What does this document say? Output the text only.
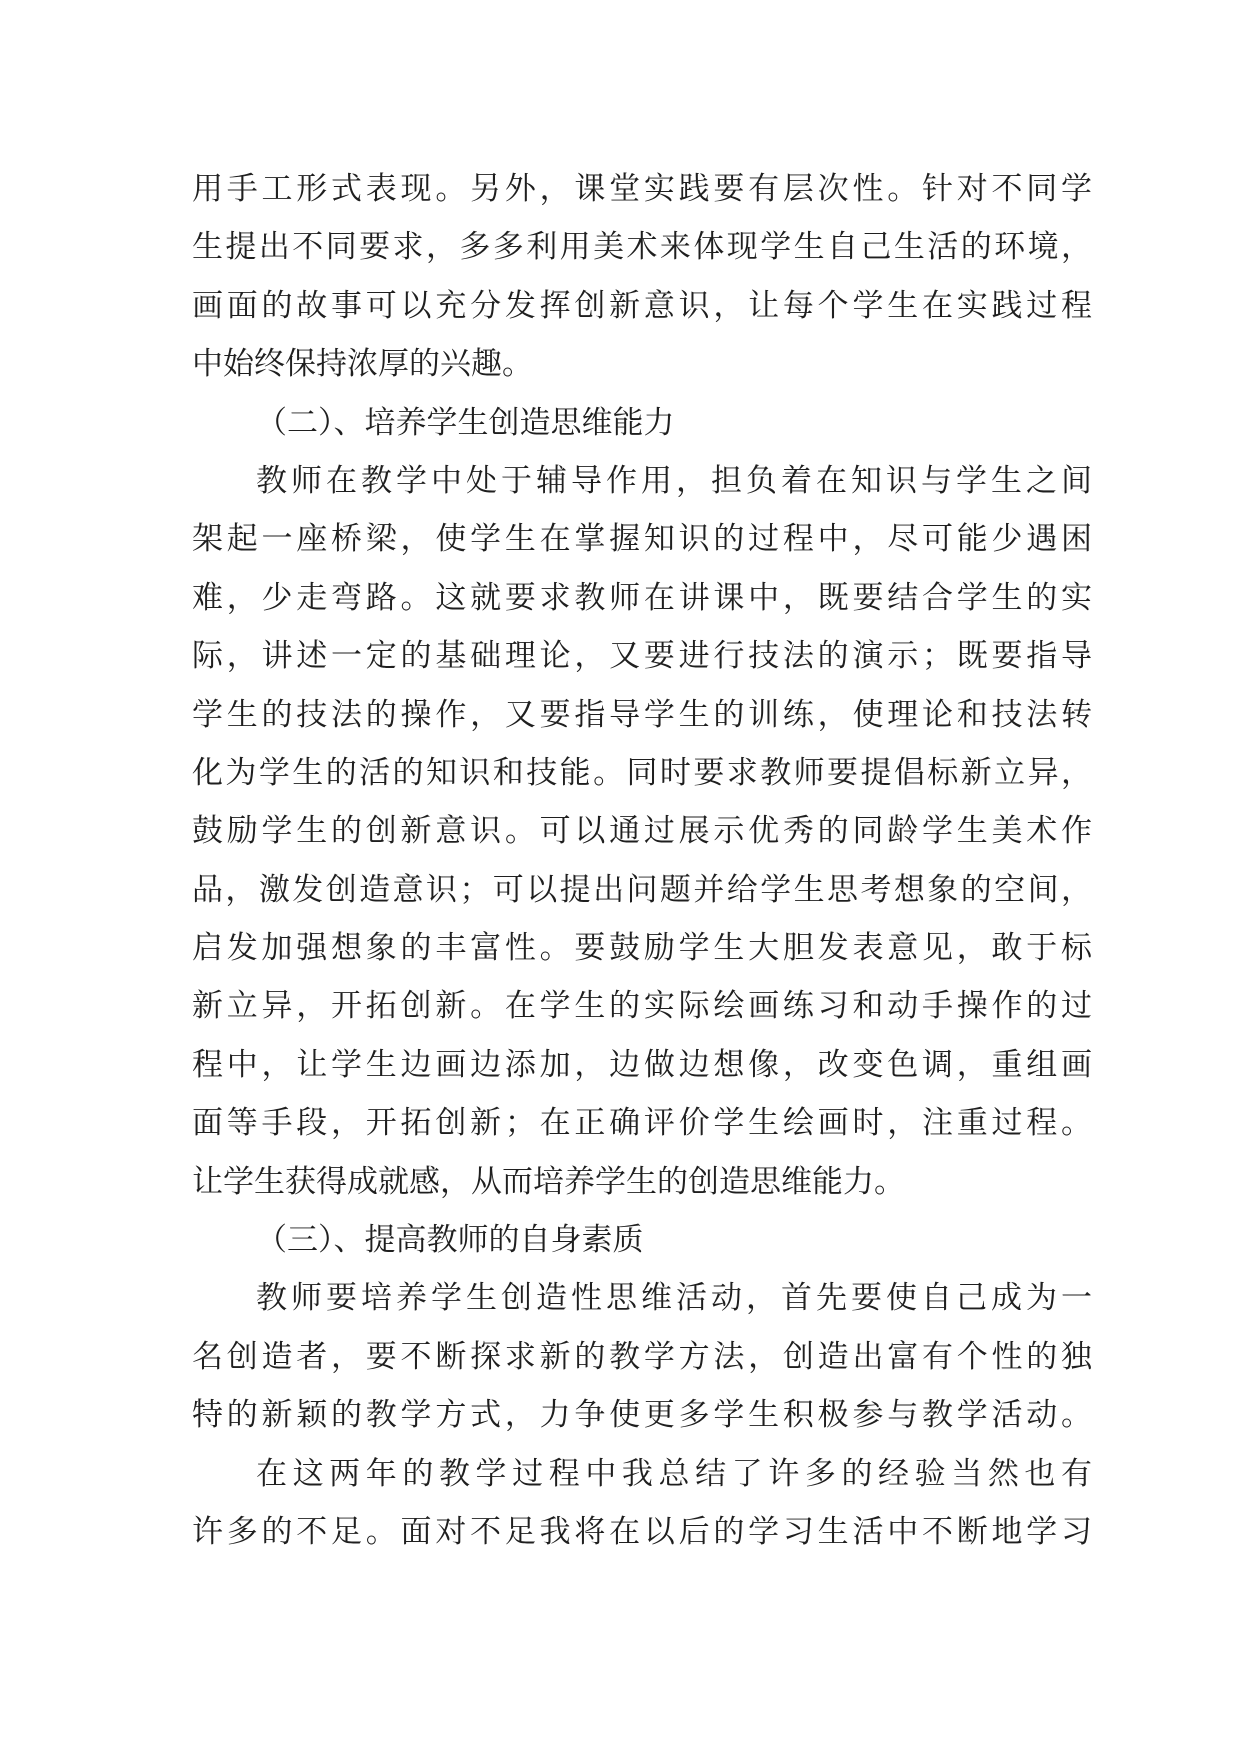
用手工形式表现。另外，课堂实践要有层次性。针对不同学
生提出不同要求，多多利用美术来体现学生自己生活的环境，
画面的故事可以充分发挥创新意识，让每个学生在实践过程
中始终保持浓厚的兴趣。
（二）、培养学生创造思维能力
教师在教学中处于辅导作用，担负着在知识与学生之间
架起一座桥梁，使学生在掌握知识的过程中，尽可能少遇困
难，少走弯路。这就要求教师在讲课中，既要结合学生的实
际，讲述一定的基础理论，又要进行技法的演示；既要指导
学生的技法的操作，又要指导学生的训练，使理论和技法转
化为学生的活的知识和技能。同时要求教师要提倡标新立异，
鼓励学生的创新意识。可以通过展示优秀的同龄学生美术作
品，激发创造意识；可以提出问题并给学生思考想象的空间，
启发加强想象的丰富性。要鼓励学生大胆发表意见，敢于标
新立异，开拓创新。在学生的实际绘画练习和动手操作的过
程中，让学生边画边添加，边做边想像，改变色调，重组画
面等手段，开拓创新；在正确评价学生绘画时，注重过程。
让学生获得成就感，从而培养学生的创造思维能力。
（三）、提高教师的自身素质
教师要培养学生创造性思维活动，首先要使自己成为一
名创造者，要不断探求新的教学方法，创造出富有个性的独
特的新颖的教学方式，力争使更多学生积极参与教学活动。
在这两年的教学过程中我总结了许多的经验当然也有
许多的不足。面对不足我将在以后的学习生活中不断地学习
